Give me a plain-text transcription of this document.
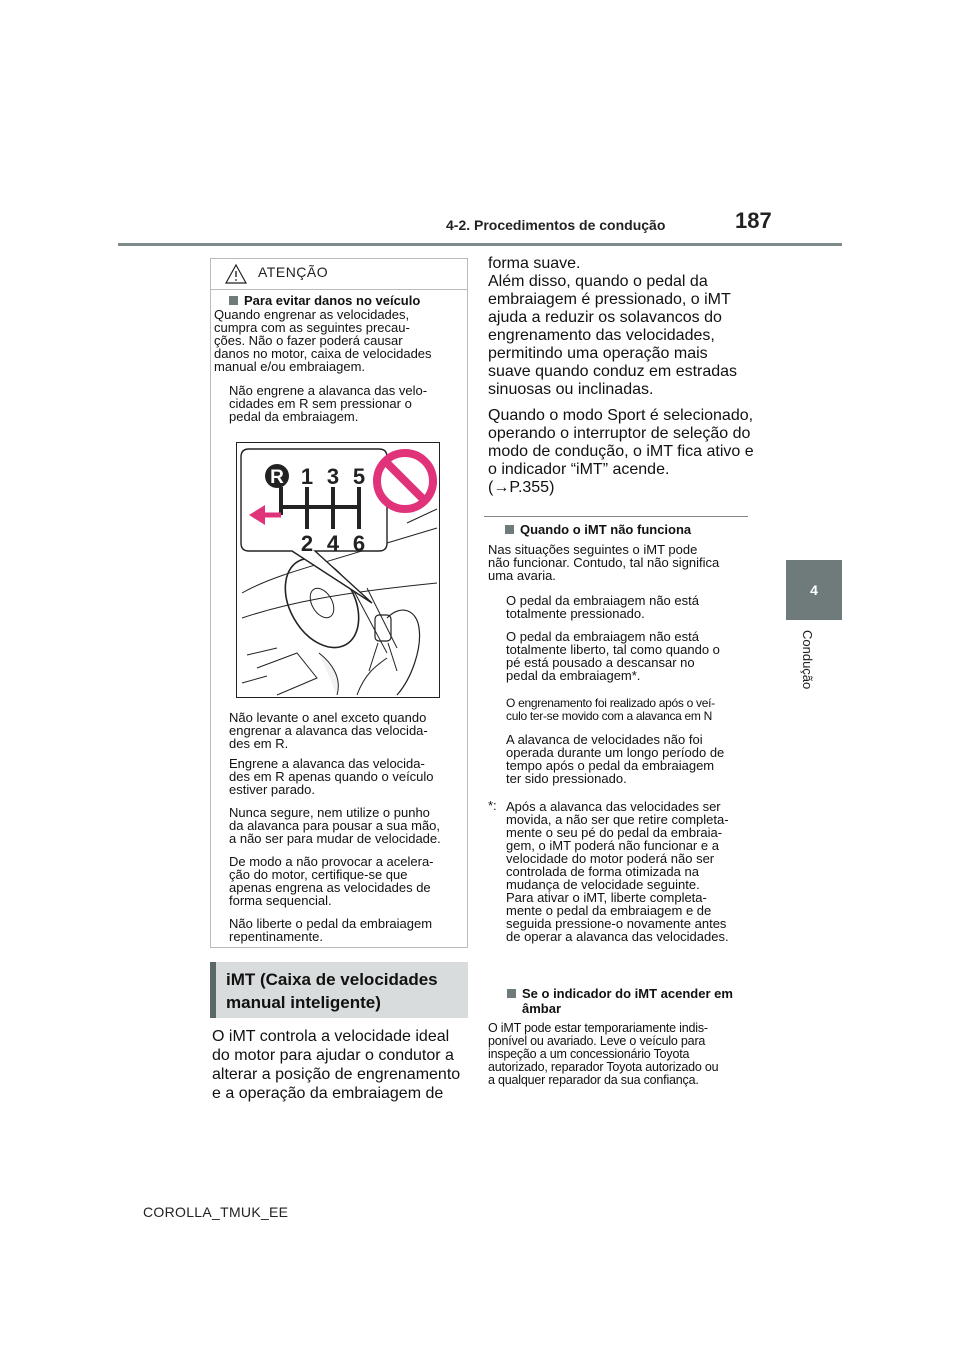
4-2. Procedimentos de condução	187
4
Condução
ATENÇÃO
Para evitar danos no veículo
Quando engrenar as velocidades,
cumpra com as seguintes precau-
ções. Não o fazer poderá causar
danos no motor, caixa de velocidades
manual e/ou embraiagem.
Não engrene a alavanca das velo-
cidades em R sem pressionar o
pedal da embraiagem.
R 1 3 5
2 4 6
Não levante o anel exceto quando
engrenar a alavanca das velocida-
des em R.
Engrene a alavanca das velocida-
des em R apenas quando o veículo
estiver parado.
Nunca segure, nem utilize o punho
da alavanca para pousar a sua mão,
a não ser para mudar de velocidade.
De modo a não provocar a acelera-
ção do motor, certifique-se que
apenas engrena as velocidades de
forma sequencial.
Não liberte o pedal da embraiagem
repentinamente.
iMT (Caixa de velocidades
manual inteligente)
O iMT controla a velocidade ideal
do motor para ajudar o condutor a
alterar a posição de engrenamento
e a operação da embraiagem de
forma suave.
Além disso, quando o pedal da
embraiagem é pressionado, o iMT
ajuda a reduzir os solavancos do
engrenamento das velocidades,
permitindo uma operação mais
suave quando conduz em estradas
sinuosas ou inclinadas.
Quando o modo Sport é selecionado,
operando o interruptor de seleção do
modo de condução, o iMT fica ativo e
o indicador “iMT” acende.
(→P.355)
Quando o iMT não funciona
Nas situações seguintes o iMT pode
não funcionar. Contudo, tal não significa
uma avaria.
O pedal da embraiagem não está
totalmente pressionado.
O pedal da embraiagem não está
totalmente liberto, tal como quando o
pé está pousado a descansar no
pedal da embraiagem*.
O engrenamento foi realizado após o veí-
culo ter-se movido com a alavanca em N
A alavanca de velocidades não foi
operada durante um longo período de
tempo após o pedal da embraiagem
ter sido pressionado.
*: Após a alavanca das velocidades ser
movida, a não ser que retire completa-
mente o seu pé do pedal da embraia-
gem, o iMT poderá não funcionar e a
velocidade do motor poderá não ser
controlada de forma otimizada na
mudança de velocidade seguinte.
Para ativar o iMT, liberte completa-
mente o pedal da embraiagem e de
seguida pressione-o novamente antes
de operar a alavanca das velocidades.
Se o indicador do iMT acender em
âmbar
O iMT pode estar temporariamente indis-
ponível ou avariado. Leve o veículo para
inspeção a um concessionário Toyota
autorizado, reparador Toyota autorizado ou
a qualquer reparador da sua confiança.
COROLLA_TMUK_EE
